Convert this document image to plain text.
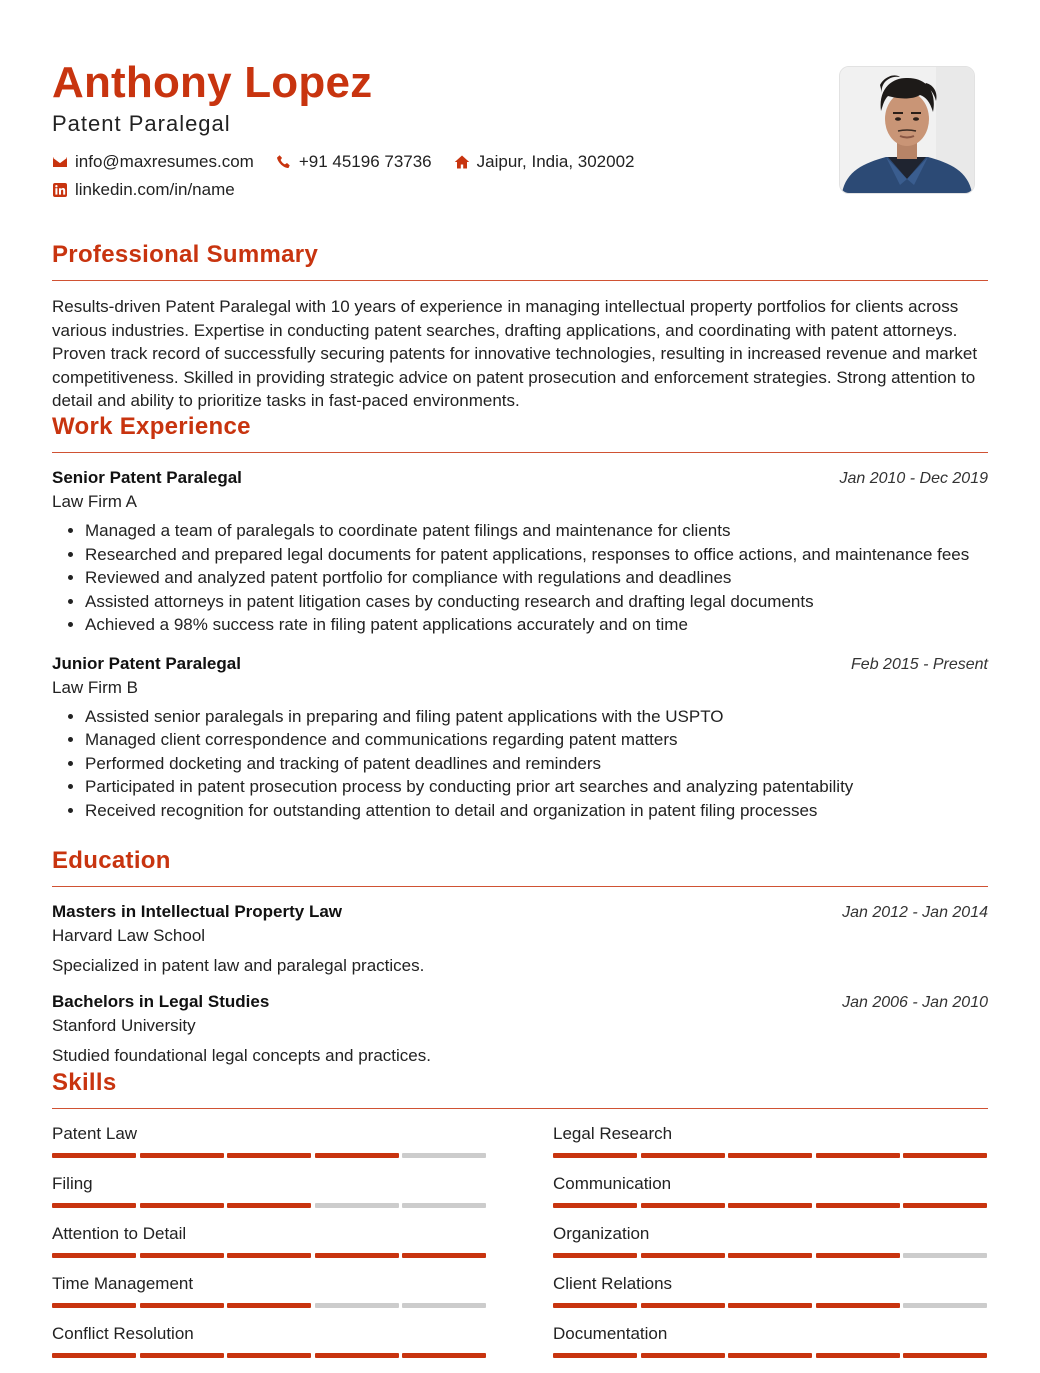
Anthony Lopez
Patent Paralegal
info@maxresumes.com	+91 45196 73736	Jaipur, India, 302002
linkedin.com/in/name
Professional Summary

Results-driven Patent Paralegal with 10 years of experience in managing intellectual property portfolios for clients across various industries. Expertise in conducting patent searches, drafting applications, and coordinating with patent attorneys. Proven track record of successfully securing patents for innovative technologies, resulting in increased revenue and market competitiveness. Skilled in providing strategic advice on patent prosecution and enforcement strategies. Strong attention to detail and ability to prioritize tasks in fast-paced environments.

Work Experience
Senior Patent Paralegal	Jan 2010 - Dec 2019
Law Firm A
• Managed a team of paralegals to coordinate patent filings and maintenance for clients
• Researched and prepared legal documents for patent applications, responses to office actions, and maintenance fees
• Reviewed and analyzed patent portfolio for compliance with regulations and deadlines
• Assisted attorneys in patent litigation cases by conducting research and drafting legal documents
• Achieved a 98% success rate in filing patent applications accurately and on time
Junior Patent Paralegal	Feb 2015 - Present
Law Firm B
• Assisted senior paralegals in preparing and filing patent applications with the USPTO
• Managed client correspondence and communications regarding patent matters
• Performed docketing and tracking of patent deadlines and reminders
• Participated in patent prosecution process by conducting prior art searches and analyzing patentability
• Received recognition for outstanding attention to detail and organization in patent filing processes
Education
Masters in Intellectual Property Law	Jan 2012 - Jan 2014
Harvard Law School
Specialized in patent law and paralegal practices.
Bachelors in Legal Studies	Jan 2006 - Jan 2010
Stanford University
Studied foundational legal concepts and practices.
Skills
Patent Law	Legal Research
Filing	Communication
Attention to Detail	Organization
Time Management	Client Relations
Conflict Resolution	Documentation
